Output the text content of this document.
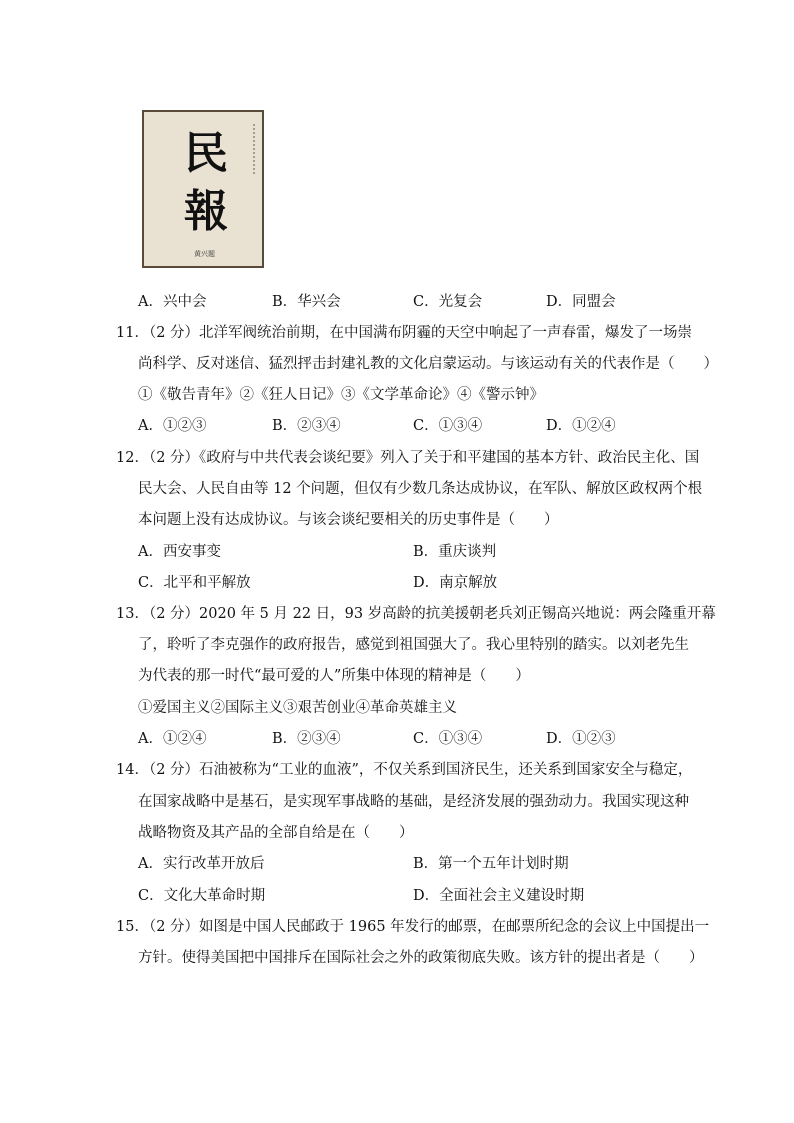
民
報
黄兴题
A．兴中会	B．华兴会	C．光复会	D．同盟会
11．（2 分）北洋军阀统治前期，在中国满布阴霾的天空中响起了一声春雷，爆发了一场崇
尚科学、反对迷信、猛烈抨击封建礼教的文化启蒙运动。与该运动有关的代表作是（　　）
①《敬告青年》②《狂人日记》③《文学革命论》④《警示钟》
A．①②③	B．②③④	C．①③④	D．①②④
12．（2 分）《政府与中共代表会谈纪要》列入了关于和平建国的基本方针、政治民主化、国
民大会、人民自由等 12 个问题，但仅有少数几条达成协议，在军队、解放区政权两个根
本问题上没有达成协议。与该会谈纪要相关的历史事件是（　　）
A．西安事变	B．重庆谈判
C．北平和平解放	D．南京解放
13．（2 分）2020 年 5 月 22 日，93 岁高龄的抗美援朝老兵刘正锡高兴地说：两会隆重开幕
了，聆听了李克强作的政府报告，感觉到祖国强大了。我心里特别的踏实。以刘老先生
为代表的那一时代“最可爱的人”所集中体现的精神是（　　）
①爱国主义②国际主义③艰苦创业④革命英雄主义
A．①②④	B．②③④	C．①③④	D．①②③
14．（2 分）石油被称为“工业的血液”，不仅关系到国济民生，还关系到国家安全与稳定，
在国家战略中是基石，是实现军事战略的基础，是经济发展的强劲动力。我国实现这种
战略物资及其产品的全部自给是在（　　）
A．实行改革开放后	B．第一个五年计划时期
C．文化大革命时期	D．全面社会主义建设时期
15．（2 分）如图是中国人民邮政于 1965 年发行的邮票，在邮票所纪念的会议上中国提出一
方针。使得美国把中国排斥在国际社会之外的政策彻底失败。该方针的提出者是（　　）
